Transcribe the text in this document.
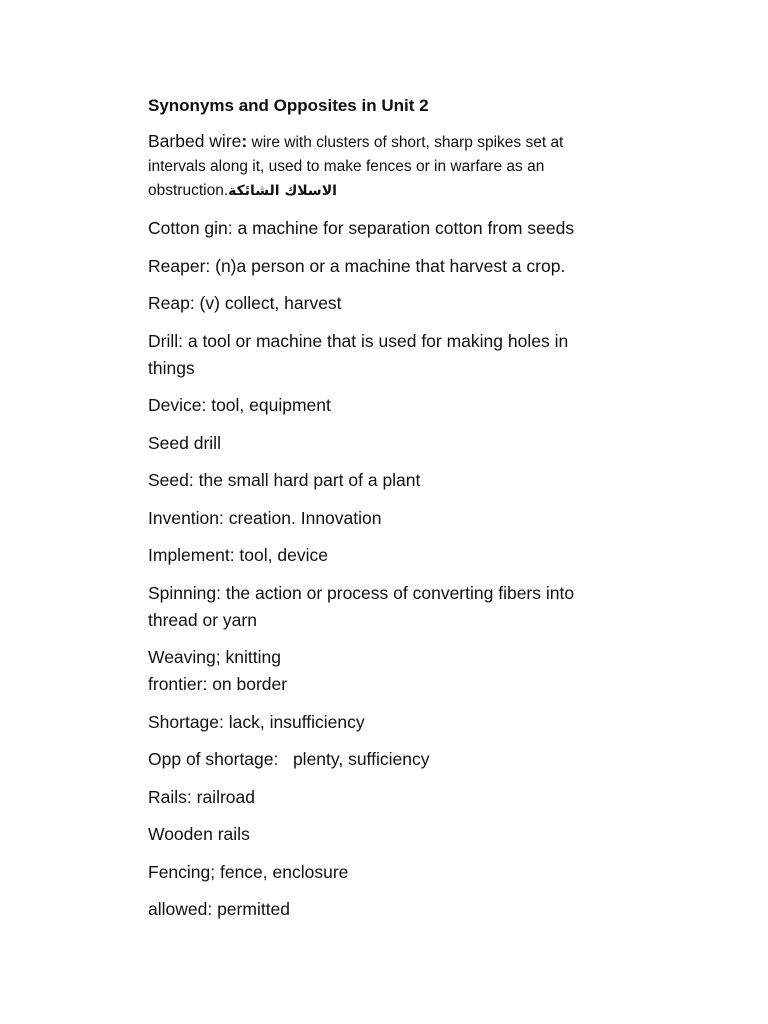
Synonyms and Opposites in Unit 2
Barbed wire: wire with clusters of short, sharp spikes set at intervals along it, used to make fences or in warfare as an obstruction.الاسلاك الشائكة
Cotton gin: a machine for separation cotton from seeds
Reaper: (n)a person or a machine that harvest a crop.
Reap: (v) collect, harvest
Drill: a tool or machine that is used for making holes in things
Device: tool, equipment
Seed drill
Seed: the small hard part of a plant
Invention: creation. Innovation
Implement: tool, device
Spinning: the action or process of converting fibers into thread or yarn
Weaving; knitting
frontier: on border
Shortage: lack, insufficiency
Opp of shortage:   plenty, sufficiency
Rails: railroad
Wooden rails
Fencing; fence, enclosure
allowed: permitted
